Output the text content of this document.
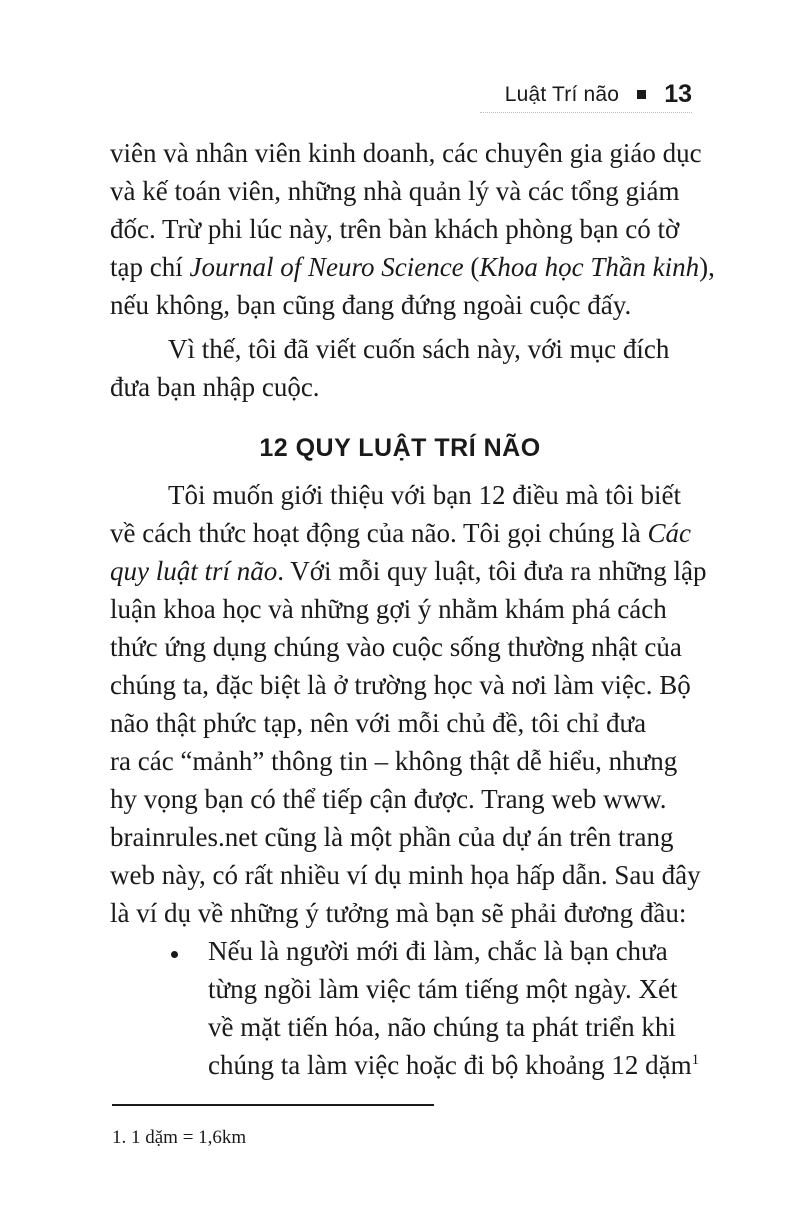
Luật Trí não 13
viên và nhân viên kinh doanh, các chuyên gia giáo dục
và kế toán viên, những nhà quản lý và các tổng giám
đốc. Trừ phi lúc này, trên bàn khách phòng bạn có tờ
tạp chí Journal of Neuro Science (Khoa học Thần kinh),
nếu không, bạn cũng đang đứng ngoài cuộc đấy.
Vì thế, tôi đã viết cuốn sách này, với mục đích
đưa bạn nhập cuộc.
12 QUY LUẬT TRÍ NÃO
Tôi muốn giới thiệu với bạn 12 điều mà tôi biết
về cách thức hoạt động của não. Tôi gọi chúng là Các
quy luật trí não. Với mỗi quy luật, tôi đưa ra những lập
luận khoa học và những gợi ý nhằm khám phá cách
thức ứng dụng chúng vào cuộc sống thường nhật của
chúng ta, đặc biệt là ở trường học và nơi làm việc. Bộ
não thật phức tạp, nên với mỗi chủ đề, tôi chỉ đưa
ra các “mảnh” thông tin – không thật dễ hiểu, nhưng
hy vọng bạn có thể tiếp cận được. Trang web www.
brainrules.net cũng là một phần của dự án trên trang
web này, có rất nhiều ví dụ minh họa hấp dẫn. Sau đây
là ví dụ về những ý tưởng mà bạn sẽ phải đương đầu:
Nếu là người mới đi làm, chắc là bạn chưa
từng ngồi làm việc tám tiếng một ngày. Xét
về mặt tiến hóa, não chúng ta phát triển khi
chúng ta làm việc hoặc đi bộ khoảng 12 dặm$^1$
1. 1 dặm = 1,6km
